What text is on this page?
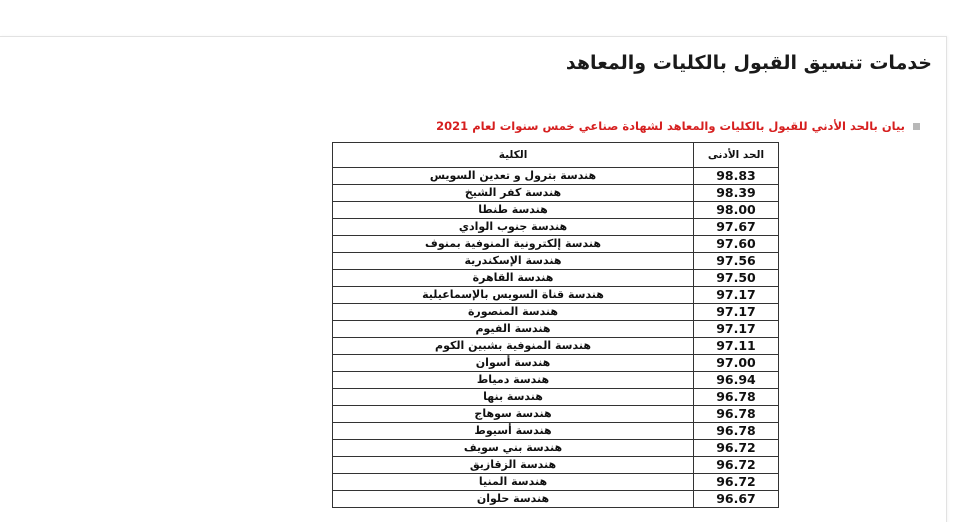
خدمات تنسيق القبول بالكليات والمعاهد
بيان بالحد الأدني للقبول بالكليات والمعاهد لشهادة صناعي خمس سنوات لعام 2021
الحد الأدنى	الكلية
98.83	هندسة بترول و تعدين السويس
98.39	هندسة كفر الشيخ
98.00	هندسة طنطا
97.67	هندسة جنوب الوادي
97.60	هندسة إلكترونية المنوفية بمنوف
97.56	هندسة الإسكندرية
97.50	هندسة القاهرة
97.17	هندسة قناة السويس بالإسماعيلية
97.17	هندسة المنصورة
97.17	هندسة الفيوم
97.11	هندسة المنوفية بشبين الكوم
97.00	هندسة أسوان
96.94	هندسة دمياط
96.78	هندسة بنها
96.78	هندسة سوهاج
96.78	هندسة أسيوط
96.72	هندسة بني سويف
96.72	هندسة الزقازيق
96.72	هندسة المنيا
96.67	هندسة حلوان
